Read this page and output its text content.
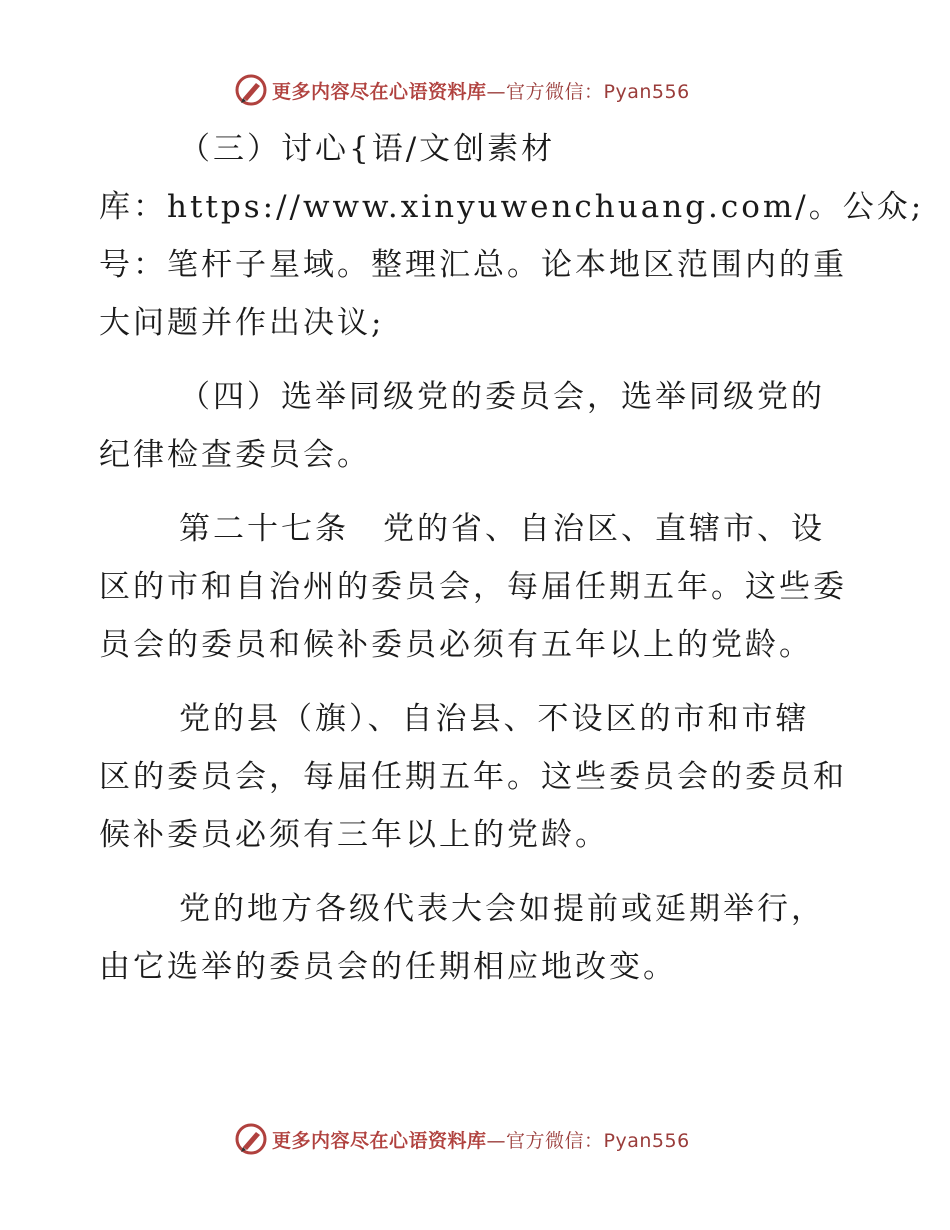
更多内容尽在心语资料库—官方微信：Pyan556

（三）讨心{语/文创素材
库：https://www.xinyuwenchuang.com/。公众;
号：笔杆子星域。整理汇总。论本地区范围内的重
大问题并作出决议;

（四）选举同级党的委员会，选举同级党的
纪律检查委员会。

第二十七条　党的省、自治区、直辖市、设
区的市和自治州的委员会，每届任期五年。这些委
员会的委员和候补委员必须有五年以上的党龄。

党的县（旗）、自治县、不设区的市和市辖
区的委员会，每届任期五年。这些委员会的委员和
候补委员必须有三年以上的党龄。

党的地方各级代表大会如提前或延期举行，
由它选举的委员会的任期相应地改变。

更多内容尽在心语资料库—官方微信：Pyan556
